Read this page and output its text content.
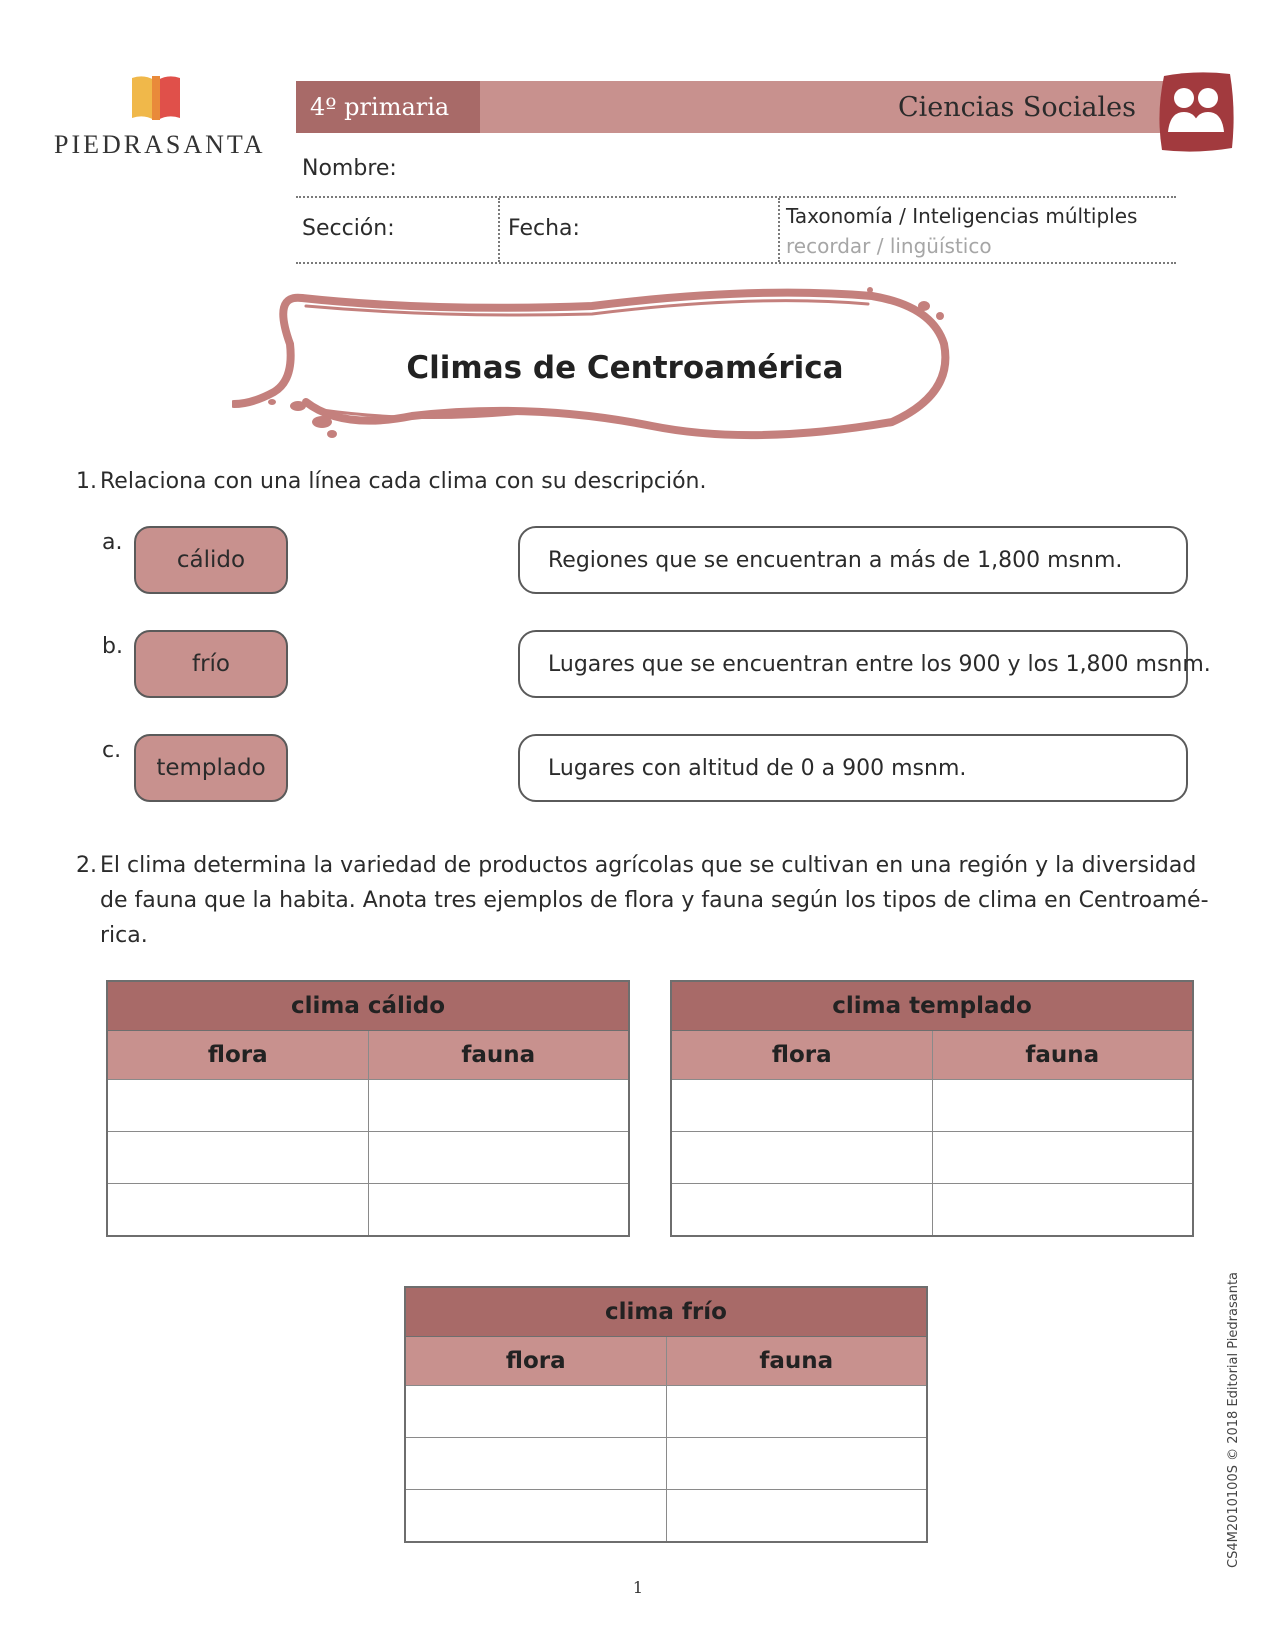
PIEDRASANTA
4º primaria	Ciencias Sociales
Nombre:
Sección:	Fecha:	Taxonomía / Inteligencias múltiples
recordar / lingüístico
Climas de Centroamérica
1. Relaciona con una línea cada clima con su descripción.
a.
cálido	Regiones que se encuentran a más de 1,800 msnm.
b.
frío	Lugares que se encuentran entre los 900 y los 1,800 msnm.
c.
templado	Lugares con altitud de 0 a 900 msnm.
2. El clima determina la variedad de productos agrícolas que se cultivan en una región y la diversidad
de fauna que la habita. Anota tres ejemplos de flora y fauna según los tipos de clima en Centroamé-
rica.
clima cálido	
flora	fauna

clima templado	
flora	fauna

clima frío	
flora	fauna

1
CS4M2010100S © 2018 Editorial Piedrasanta
